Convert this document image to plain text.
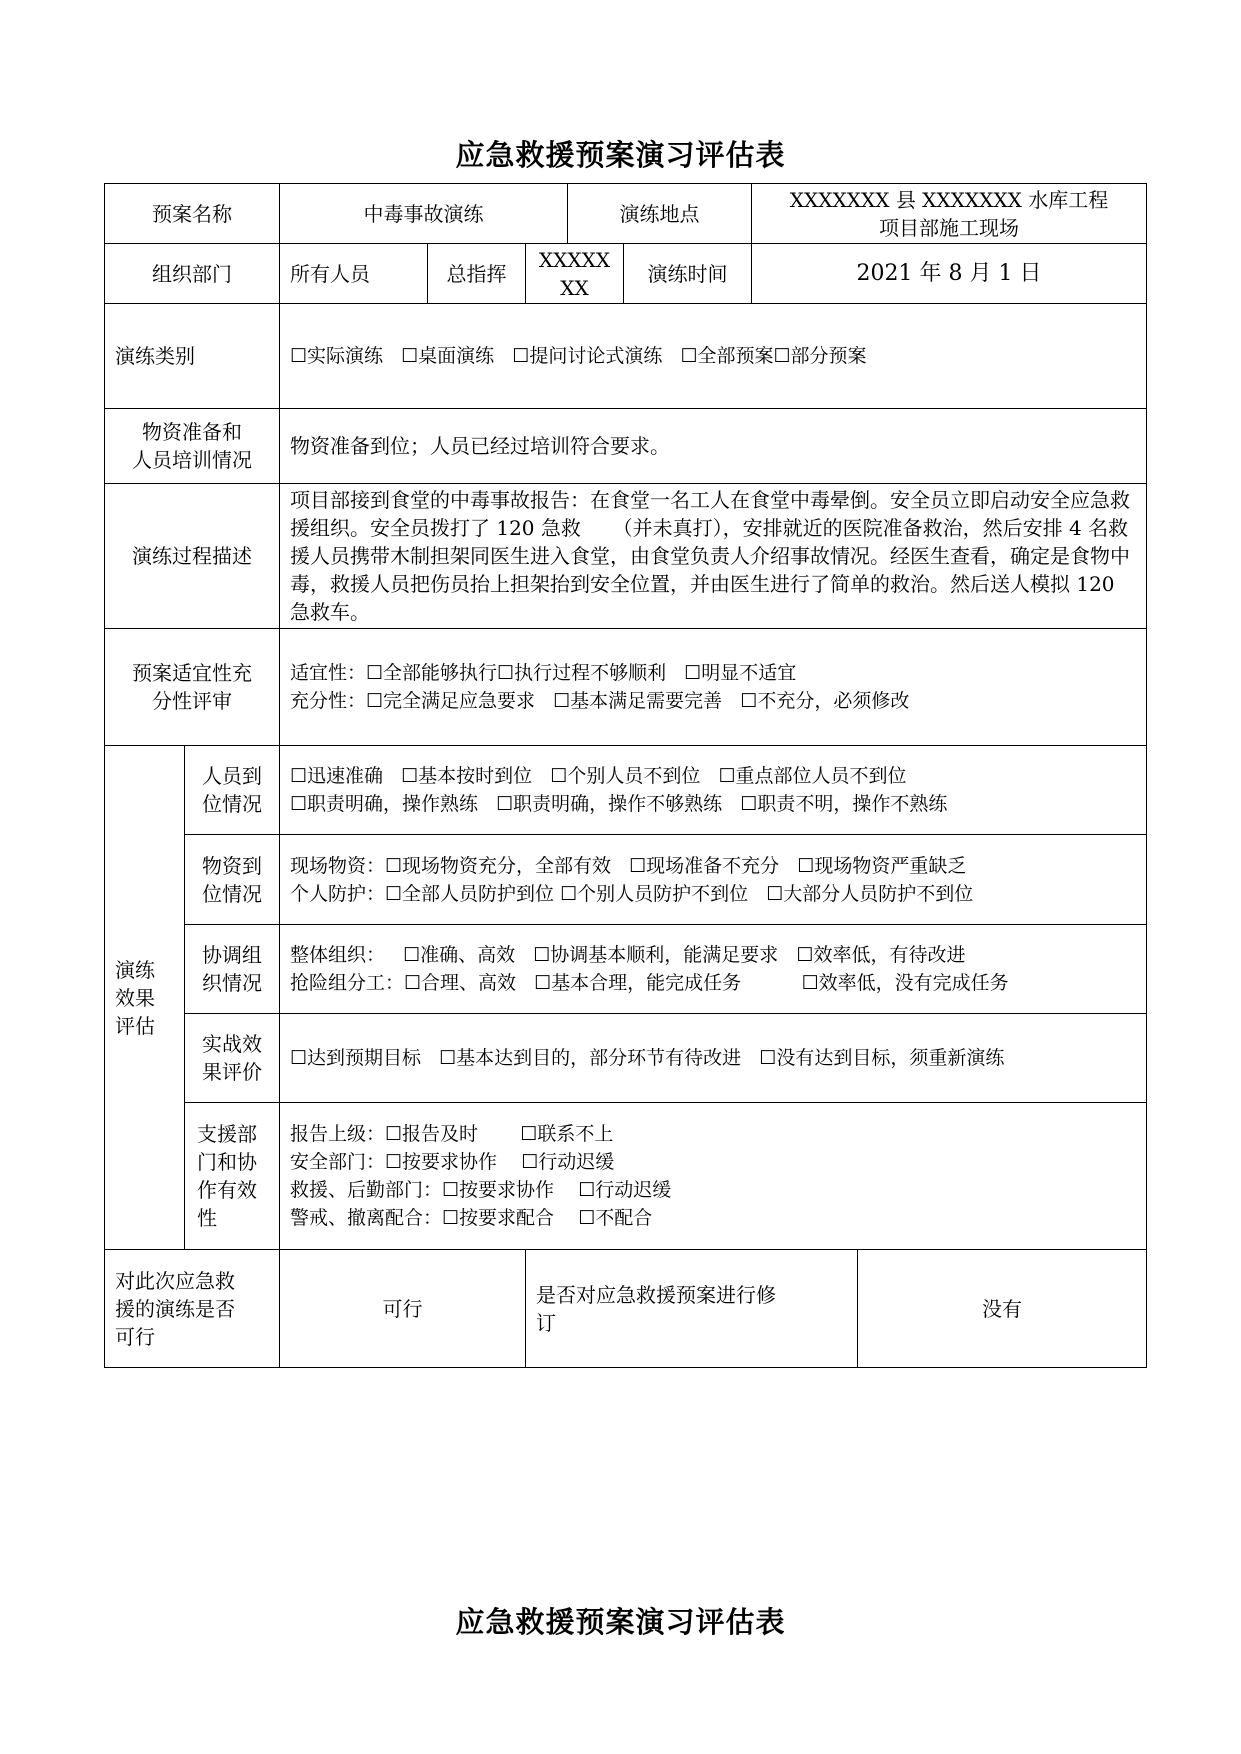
应急救援预案演习评估表
预案名称		中毒事故演练			演练地点		XXXXXXX 县 XXXXXXX 水库工程
项目部施工现场	

组织部门		所有人员	总指挥	XXXXXXX		演练时间	2021 年 8 月 1 日	
演练类别		☐实际演练   ☐桌面演练   ☐提问讨论式演练   ☐全部预案☐部分预案						

物资准备和
人员培训情况		物资准备到位；人员已经过培训符合要求。						
演练过程描述		项目部接到食堂的中毒事故报告：在食堂一名工人在食堂中毒晕倒。安全员立即启动安全应急救援组织。安全员拨打了 120 急救     （并未真打），安排就近的医院准备救治，然后安排 4 名救援人员携带木制担架同医生进入食堂，由食堂负责人介绍事故情况。经医生查看，确定是食物中毒，救援人员把伤员抬上担架抬到安全位置，并由医生进行了简单的救治。然后送人模拟 120 急救车。						

预案适宜性充
分性评审		适宜性：☐全部能够执行☐执行过程不够顺利   ☐明显不适宜
充分性：☐完全满足应急要求   ☐基本满足需要完善   ☐不充分，必须修改						

演练
效果
评估	人员到
位情况	☐迅速准确   ☐基本按时到位   ☐个别人员不到位   ☐重点部位人员不到位
☐职责明确，操作熟练   ☐职责明确，操作不够熟练   ☐职责不明，操作不熟练						

	物资到
位情况	现场物资：☐现场物资充分，全部有效   ☐现场准备不充分   ☐现场物资严重缺乏
个人防护：☐全部人员防护到位 ☐个别人员防护不到位   ☐大部分人员防护不到位						

	协调组
织情况	整体组织：   ☐准确、高效   ☐协调基本顺利，能满足要求   ☐效率低，有待改进
抢险组分工：☐合理、高效   ☐基本合理，能完成任务          ☐效率低，没有完成任务						

	实战效
果评价	☐达到预期目标   ☐基本达到目的，部分环节有待改进   ☐没有达到目标，须重新演练						

	支援部
门和协
作有效
性	报告上级：☐报告及时       ☐联系不上
安全部门：☐按要求协作    ☐行动迟缓
救援、后勤部门：☐按要求协作    ☐行动迟缓
警戒、撤离配合：☐按要求配合    ☐不配合						

对此次应急救
援的演练是否
可行		可行		是否对应急救援预案进行修
订				没有
应急救援预案演习评估表
